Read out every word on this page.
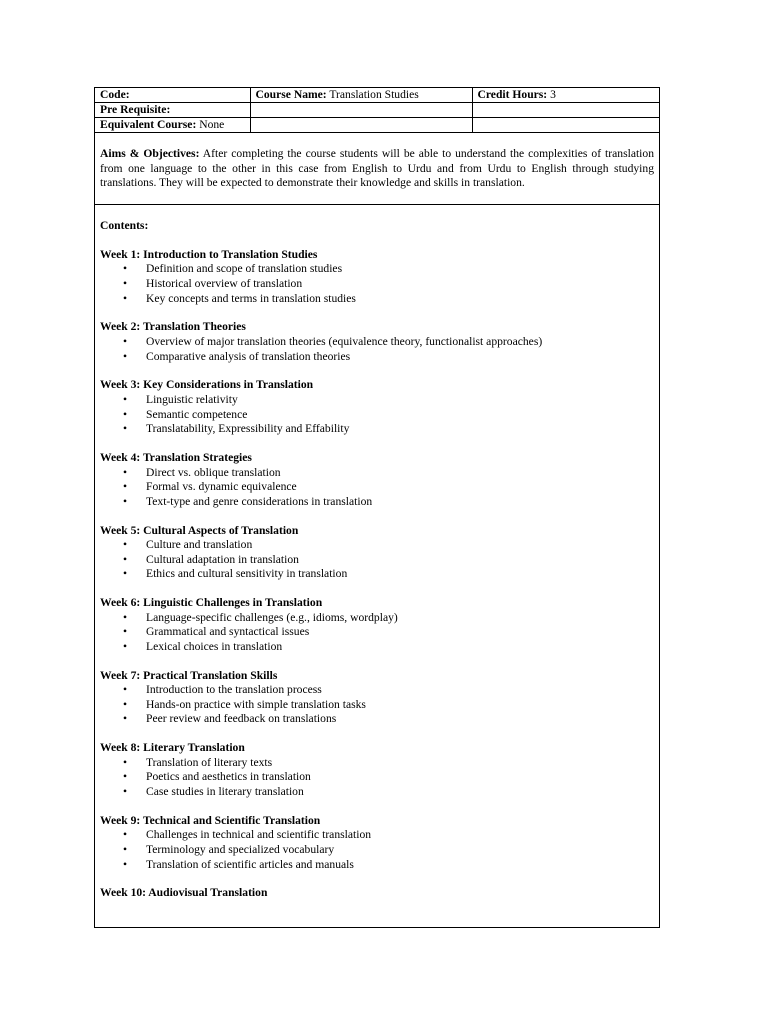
Code:	Course Name: Translation Studies	Credit Hours: 3
Pre Requisite:		
Equivalent Course: None		
Aims & Objectives: After completing the course students will be able to understand the complexities of translation from one language to the other in this case from English to Urdu and from Urdu to English through studying translations. They will be expected to demonstrate their knowledge and skills in translation.
Contents:
Week 1: Introduction to Translation Studies
• Definition and scope of translation studies
• Historical overview of translation
• Key concepts and terms in translation studies
Week 2: Translation Theories
• Overview of major translation theories (equivalence theory, functionalist approaches)
• Comparative analysis of translation theories
Week 3: Key Considerations in Translation
• Linguistic relativity
• Semantic competence
• Translatability, Expressibility and Effability
Week 4: Translation Strategies
• Direct vs. oblique translation
• Formal vs. dynamic equivalence
• Text-type and genre considerations in translation
Week 5: Cultural Aspects of Translation
• Culture and translation
• Cultural adaptation in translation
• Ethics and cultural sensitivity in translation
Week 6: Linguistic Challenges in Translation
• Language-specific challenges (e.g., idioms, wordplay)
• Grammatical and syntactical issues
• Lexical choices in translation
Week 7: Practical Translation Skills
• Introduction to the translation process
• Hands-on practice with simple translation tasks
• Peer review and feedback on translations
Week 8: Literary Translation
• Translation of literary texts
• Poetics and aesthetics in translation
• Case studies in literary translation
Week 9: Technical and Scientific Translation
• Challenges in technical and scientific translation
• Terminology and specialized vocabulary
• Translation of scientific articles and manuals
Week 10: Audiovisual Translation
